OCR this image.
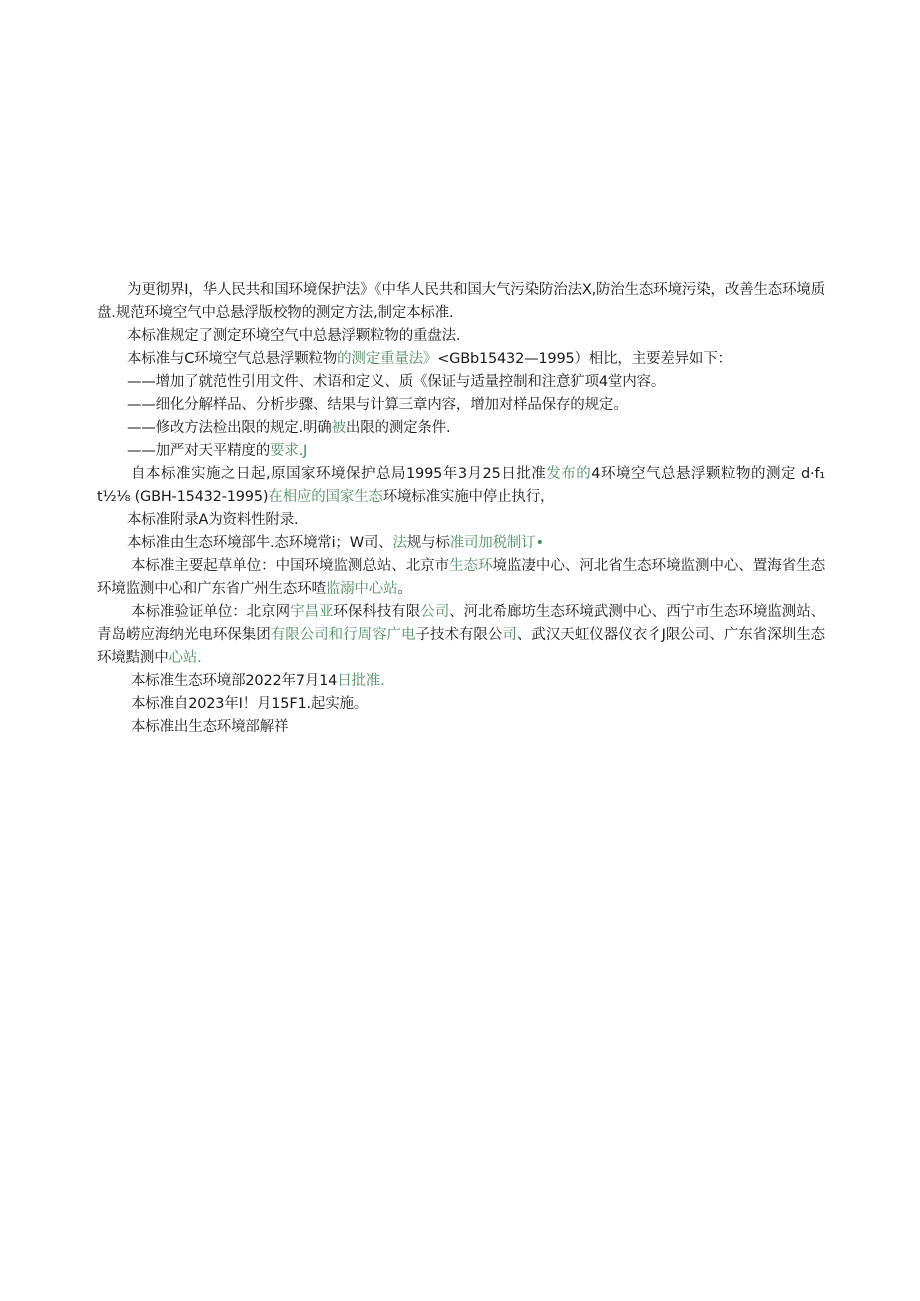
为更彻界I，华人民共和国环境保护法》《中华人民共和国大气污染防治法X,防治生态环境污染，改善生态环境质盘.规范环境空气中总悬浮版校物的测定方法,制定本标准.

本标准规定了测定环境空气中总悬浮颗粒物的重盘法.

本标准与C环境空气总悬浮颗粒物的测定重量法》<GBb15432—1995）相比，主要差异如下：

——增加了就范性引用文件、术语和定义、质《保证与适量控制和注意犷项4堂内容。

——细化分解样品、分析步骤、结果与计算三章内容，增加对样品保存的规定。

——修改方法检出限的规定.明确被出限的测定条件.

——加严对天平精度的要求.J

自本标准实施之日起,原国家环境保护总局1995年3月25日批准发布的4环境空气总悬浮颗粒物的测定 d·f₁ t½⅛ (GBH-15432-1995)在相应的国家生态环境标准实施中停止执行，

本标准附录A为资料性附录.

本标准由生态环境部牛.态环境常i；W司、法规与标准司加税制订•

本标准主要起草单位：中国环境监测总站、北京市生态环境监凄中心、河北省生态环境监测中心、置海省生态环境监测中心和广东省广州生态环喳监溺中心站。

本标准验证单位：北京网宇昌亚环保科技有限公司、河北希廊坊生态环境武测中心、西宁市生态环境监测站、青岛崂应海纳光电环保集团有限公司和行周容广电子技术有限公司、武汉天虹仪器仪衣彳J限公司、广东省深圳生态环境黠测中心站.

本标准生态环境部2022年7月14日批准.

本标准自2023年I！月15F1.起实施。

本标准出生态环境部解祥
